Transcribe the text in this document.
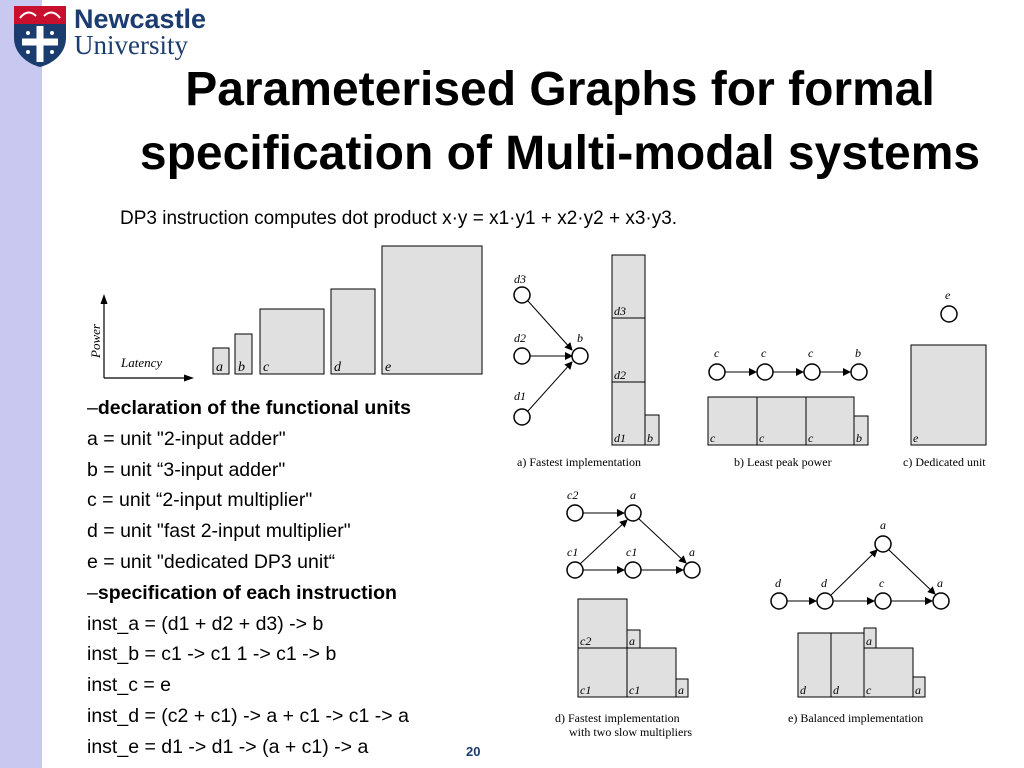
Newcastle
University
Parameterised Graphs for formal
specification of Multi-modal systems
DP3 instruction computes dot product x·y = x1·y1 + x2·y2 + x3·y3.
Power
Latency	a b c	d	e
d3
d2
d1
b
d3
d2
d1 b
a) Fastest implementation
c	c	c	b
c	c	c	b
b) Least peak power
e
e
c) Dedicated unit
c2	a
c1	c1	a
c2	a
c1	c1	a
d) Fastest implementation
with two slow multipliers
a
d	d	c	a
a
d d c	a
e) Balanced implementation
–declaration of the functional units
a = unit "2-input adder"
b = unit “3-input adder"
c = unit “2-input multiplier"
d = unit "fast 2-input multiplier"
e = unit "dedicated DP3 unit“
–specification of each instruction
inst_a = (d1 + d2 + d3) -> b
inst_b = c1 -> c1 1 -> c1 -> b
inst_c = e
inst_d = (c2 + c1) -> a + c1 -> c1 -> a
inst_e = d1 -> d1 -> (a + c1) -> a	20
